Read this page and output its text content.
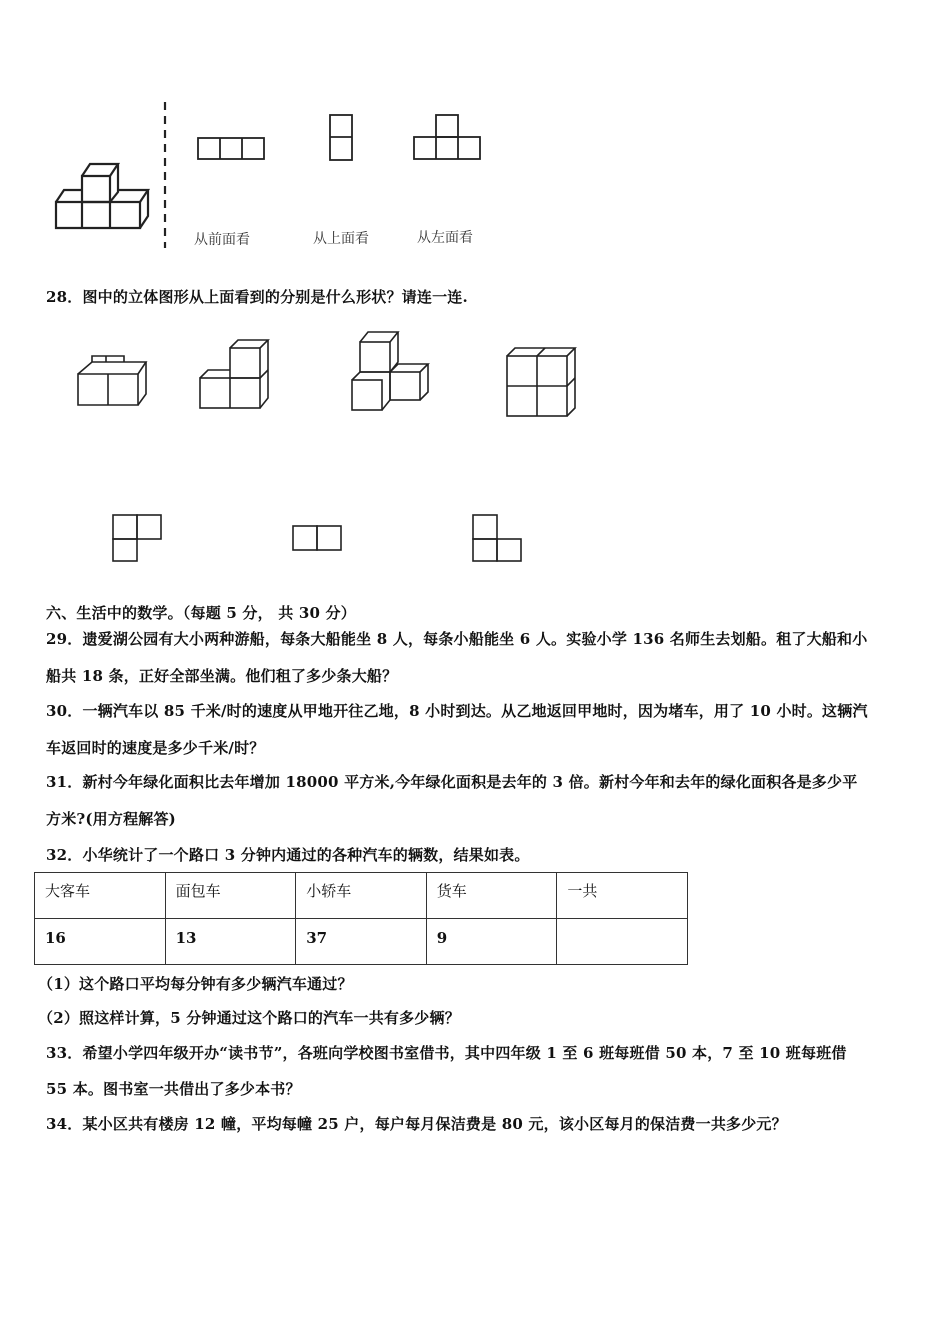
从前面看	从上面看	从左面看
28．图中的立体图形从上面看到的分别是什么形状？请连一连.
六、生活中的数学。（每题 5 分， 共 30 分）
29．遗爱湖公园有大小两种游船，每条大船能坐 8 人，每条小船能坐 6 人。实验小学 136 名师生去划船。租了大船和小
船共 18 条，正好全部坐满。他们租了多少条大船？
30．一辆汽车以 85 千米/时的速度从甲地开往乙地，8 小时到达。从乙地返回甲地时，因为堵车，用了 10 小时。这辆汽
车返回时的速度是多少千米/时？
31．新村今年绿化面积比去年增加 18000 平方米,今年绿化面积是去年的 3 倍。新村今年和去年的绿化面积各是多少平
方米?(用方程解答)
32．小华统计了一个路口 3 分钟内通过的各种汽车的辆数，结果如表。
大客车	面包车	小轿车	货车	一共
16	13	37	9	
（1）这个路口平均每分钟有多少辆汽车通过？
（2）照这样计算，5 分钟通过这个路口的汽车一共有多少辆？
33．希望小学四年级开办“读书节”，各班向学校图书室借书，其中四年级 1 至 6 班每班借 50 本，7 至 10 班每班借
55 本。图书室一共借出了多少本书？
34．某小区共有楼房 12 幢，平均每幢 25 户，每户每月保洁费是 80 元，该小区每月的保洁费一共多少元？
